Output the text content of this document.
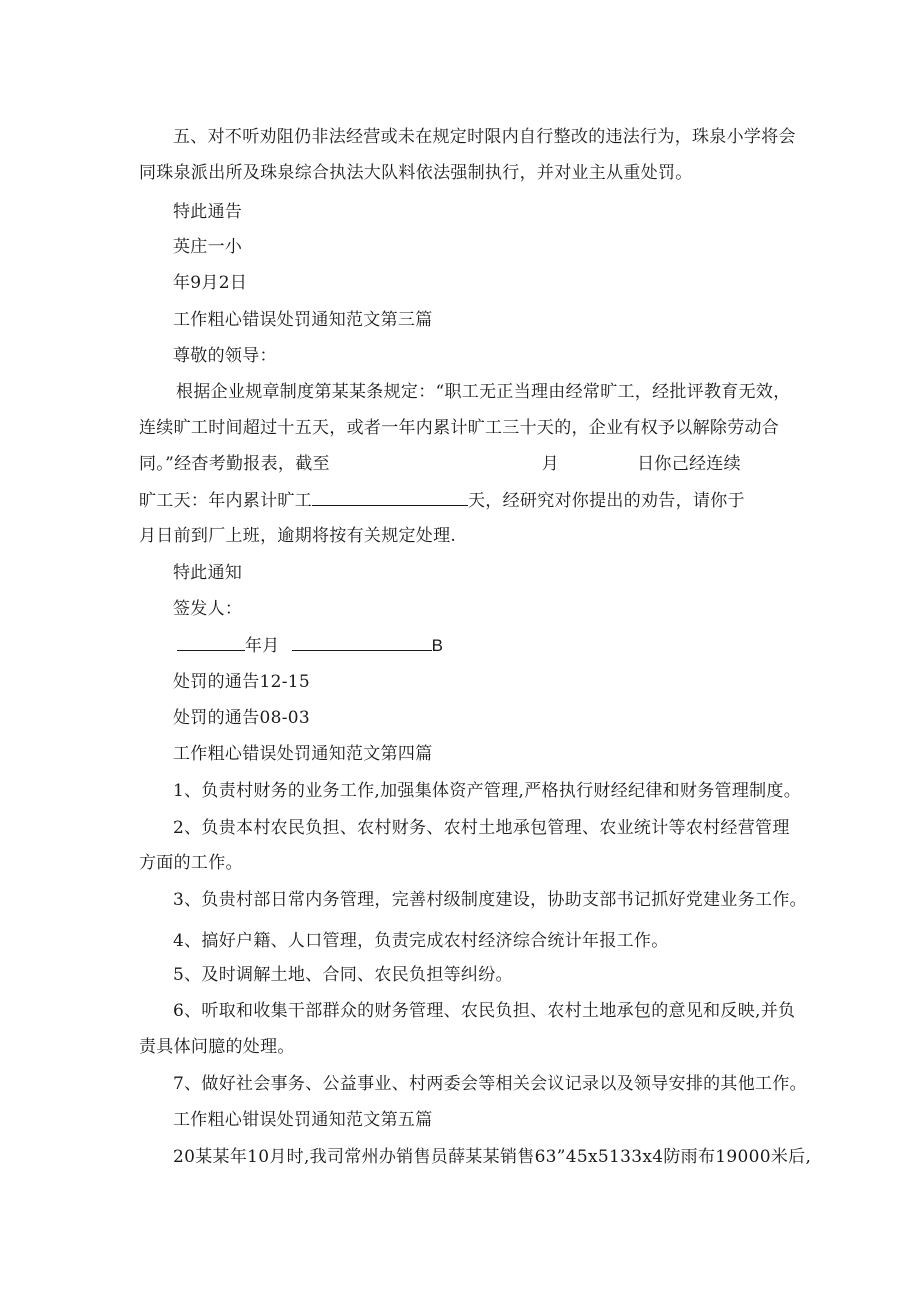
五、对不听劝阻仍非法经营或未在规定时限内自行整改的违法行为，珠泉小学将会
同珠泉派出所及珠泉综合执法大队料依法强制执行，并对业主从重处罚。
特此通告
英庄一小
年9月2日
工作粗心错误处罚通知范文第三篇
尊敬的领导：
根据企业规章制度第某某条规定：“职工无正当理由经常旷工，经批评教育无效，
连续旷工时间超过十五天，或者一年内累计旷工三十天的，企业有权予以解除劳动合
同。”经杳考勤报表，截至	月	日你己经连续
旷工天：年内累计旷工	天，经研究对你提出的劝告，请你于
月日前到厂上班，逾期将按有关规定处理.
特此通知
签发人：
年月	B
处罚的通告12-15
处罚的通告08-03
工作粗心错误处罚通知范文第四篇
1、负责村财务的业务工作,加强集体资产管理,严格执行财经纪律和财务管理制度。
2、负贵本村农民负担、农村财务、农村土地承包管理、农业统计等农村经营管理
方面的工作。
3、负贵村部日常内务管理，完善村级制度建设，协助支部书记抓好党建业务工作。
4、搞好户籍、人口管理，负责完成农村经济综合统计年报工作。
5、及时调解土地、合同、农民负担等纠纷。
6、听取和收集干部群众的财务管理、农民负担、农村土地承包的意见和反映,并负
责具体问臆的处理。
7、做好社会事务、公益事业、村两委会等相关会议记录以及领导安排的其他工作。
工作粗心钳误处罚通知范文第五篇
20某某年10月时,我司常州办销售员薛某某销售63”45x5133x4防雨布19000米后,
